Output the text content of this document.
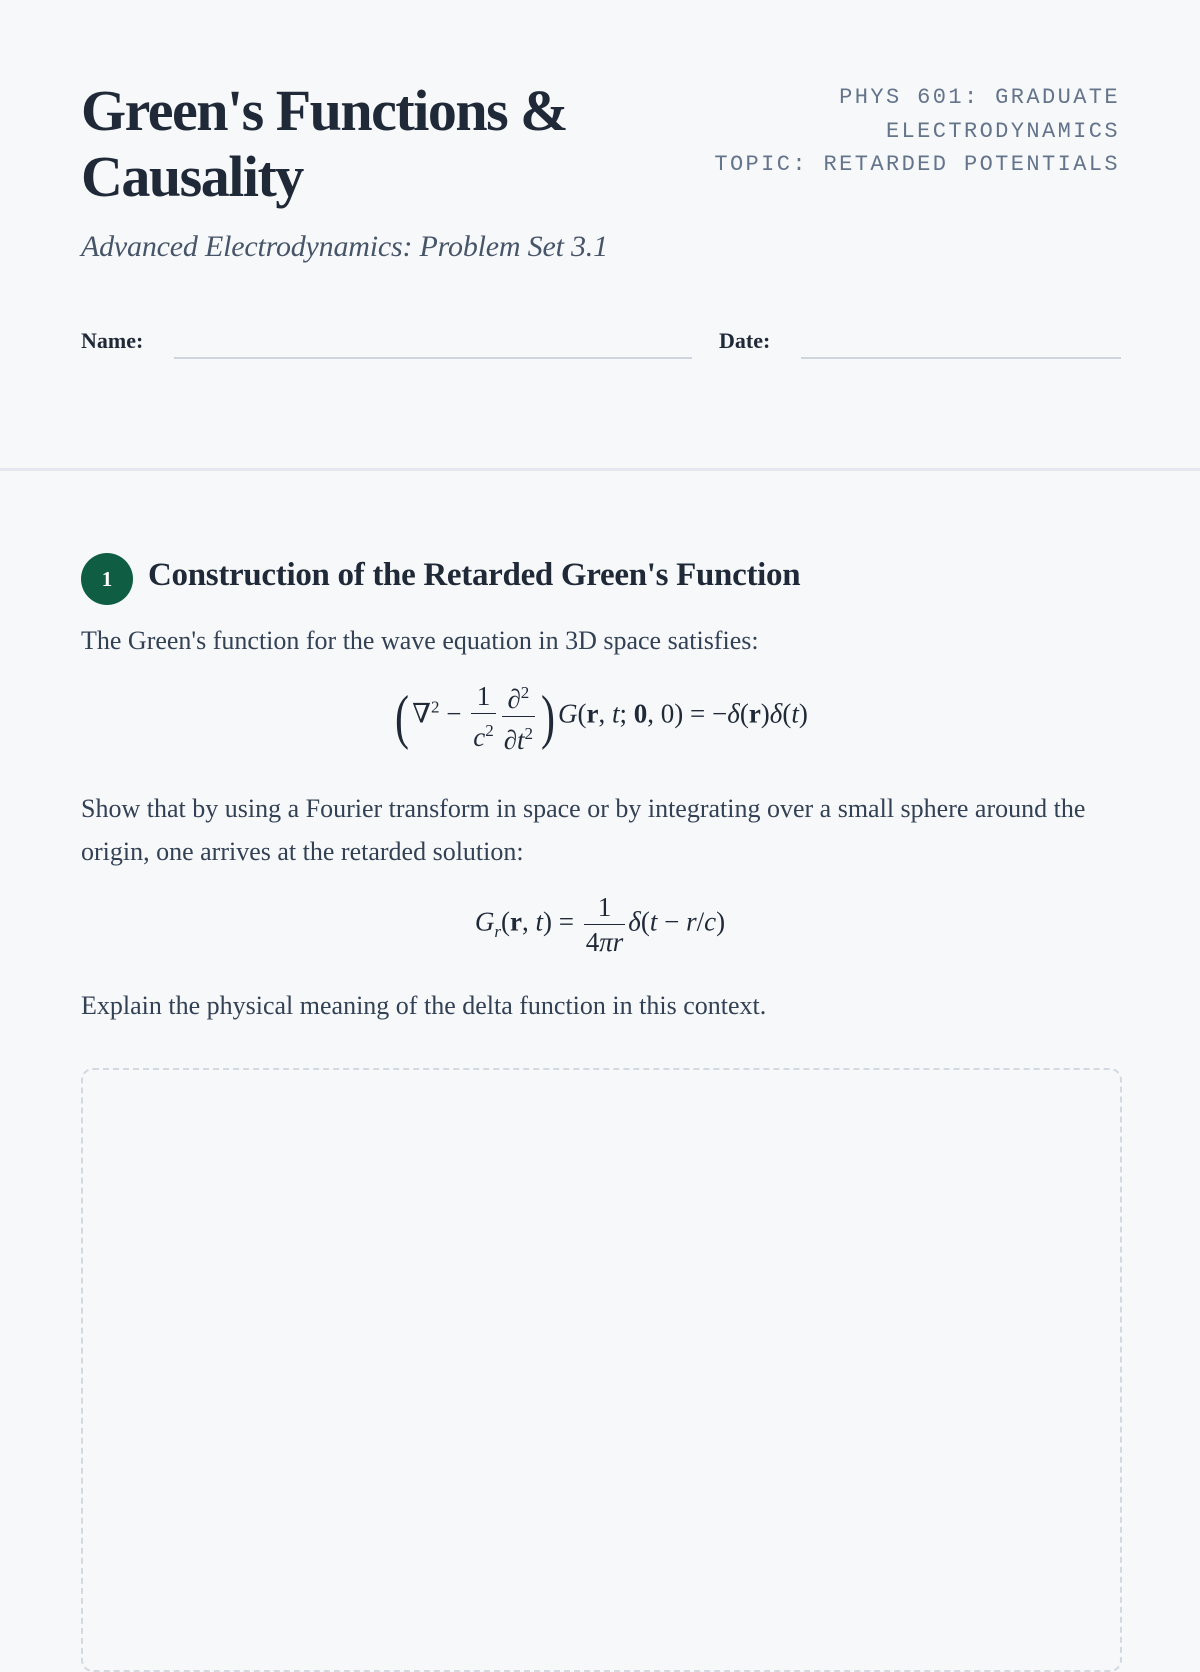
Green's Functions & Causality
PHYS 601: GRADUATE
ELECTRODYNAMICS
TOPIC: RETARDED POTENTIALS

Advanced Electrodynamics: Problem Set 3.1

Name:	Date:
1	Construction of the Retarded Green's Function

The Green's function for the wave equation in 3D space satisfies:

( $\nabla^2 - \frac{1}{c^2} \frac{\partial^2}{\partial t^2}$ ) G(r, t; 0, 0) = −δ(r)δ(t)

Show that by using a Fourier transform in space or by integrating over a small sphere around the origin, one arrives at the retarded solution:

$G_r(r$, $t) = \frac{1}{4\pi r} \delta(t - r/c)$

Explain the physical meaning of the delta function in this context.
